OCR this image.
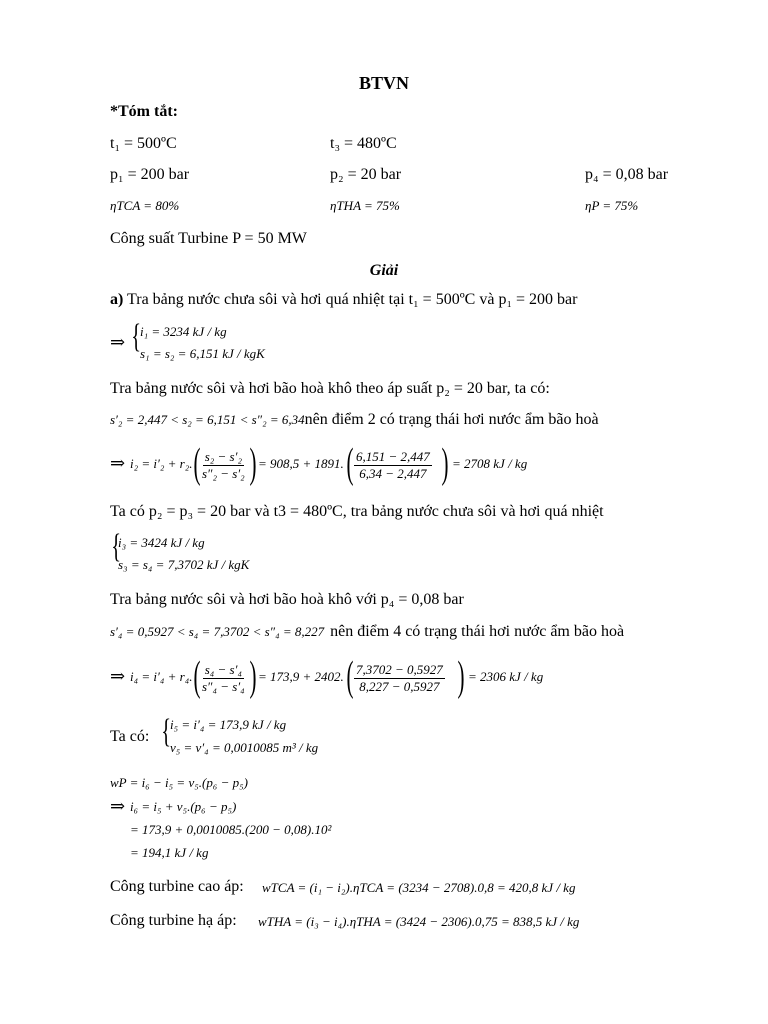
BTVN
*Tóm tắt:
t₁ = 500ºC	t₃ = 480ºC
p₁ = 200 bar	p₂ = 20 bar	p₄ = 0,08 bar
ηTCA = 80%	ηTHA = 75%	ηP = 75%
Công suất Turbine P = 50 MW
Giải
a) Tra bảng nước chưa sôi và hơi quá nhiệt tại t₁ = 500ºC và p₁ = 200 bar
⇒ {
i₁ = 3234 kJ / kg
s₁ = s₂ = 6,151 kJ / kgK
Tra bảng nước sôi và hơi bão hoà khô theo áp suất p₂ = 20 bar, ta có:
s′₂ = 2,447 < s₂ = 6,151 < s″₂ = 6,34nên điểm 2 có trạng thái hơi nước ẩm bão hoà
⇒ i₂ = i′₂ + r₂. ( $\frac{\text{s₂ − s′₂}}{\text{s″₂ − s′₂}}$ ) = 908,5 + 1891. ( $\frac{6,151 - 2,447}{6,34 - 2,447}$ ) = 2708 kJ / kg
Ta có p₂ = p₃ = 20 bar và t3 = 480ºC, tra bảng nước chưa sôi và hơi quá nhiệt
{
i₃ = 3424 kJ / kg
s₃ = s₄ = 7,3702 kJ / kgK
Tra bảng nước sôi và hơi bão hoà khô với p₄ = 0,08 bar
s′₄ = 0,5927 < s₄ = 7,3702 < s″₄ = 8,227 nên điểm 4 có trạng thái hơi nước ẩm bão hoà
⇒ i₄ = i′₄ + r₄. ( $\frac{\text{s₄ − s′₄}}{\text{s″₄ − s′₄}}$ ) = 173,9 + 2402. ( $\frac{7,3702 - 0,5927}{8,227 - 0,5927}$ ) = 2306 kJ / kg
Ta có: {
i₅ = i′₄ = 173,9 kJ / kg
v₅ = v′₄ = 0,0010085 m³ / kg
wP = i₆ − i₅ = v₅.(p₆ − p₅)
⇒ i₆ = i₅ + v₅.(p₆ − p₅)
= 173,9 + 0,0010085.(200 − 0,08).10²
= 194,1 kJ / kg
Công turbine cao áp: wTCA = (i₁ − i₂).ηTCA = (3234 − 2708).0,8 = 420,8 kJ / kg
Công turbine hạ áp: wTHA = (i₃ − i₄).ηTHA = (3424 − 2306).0,75 = 838,5 kJ / kg
